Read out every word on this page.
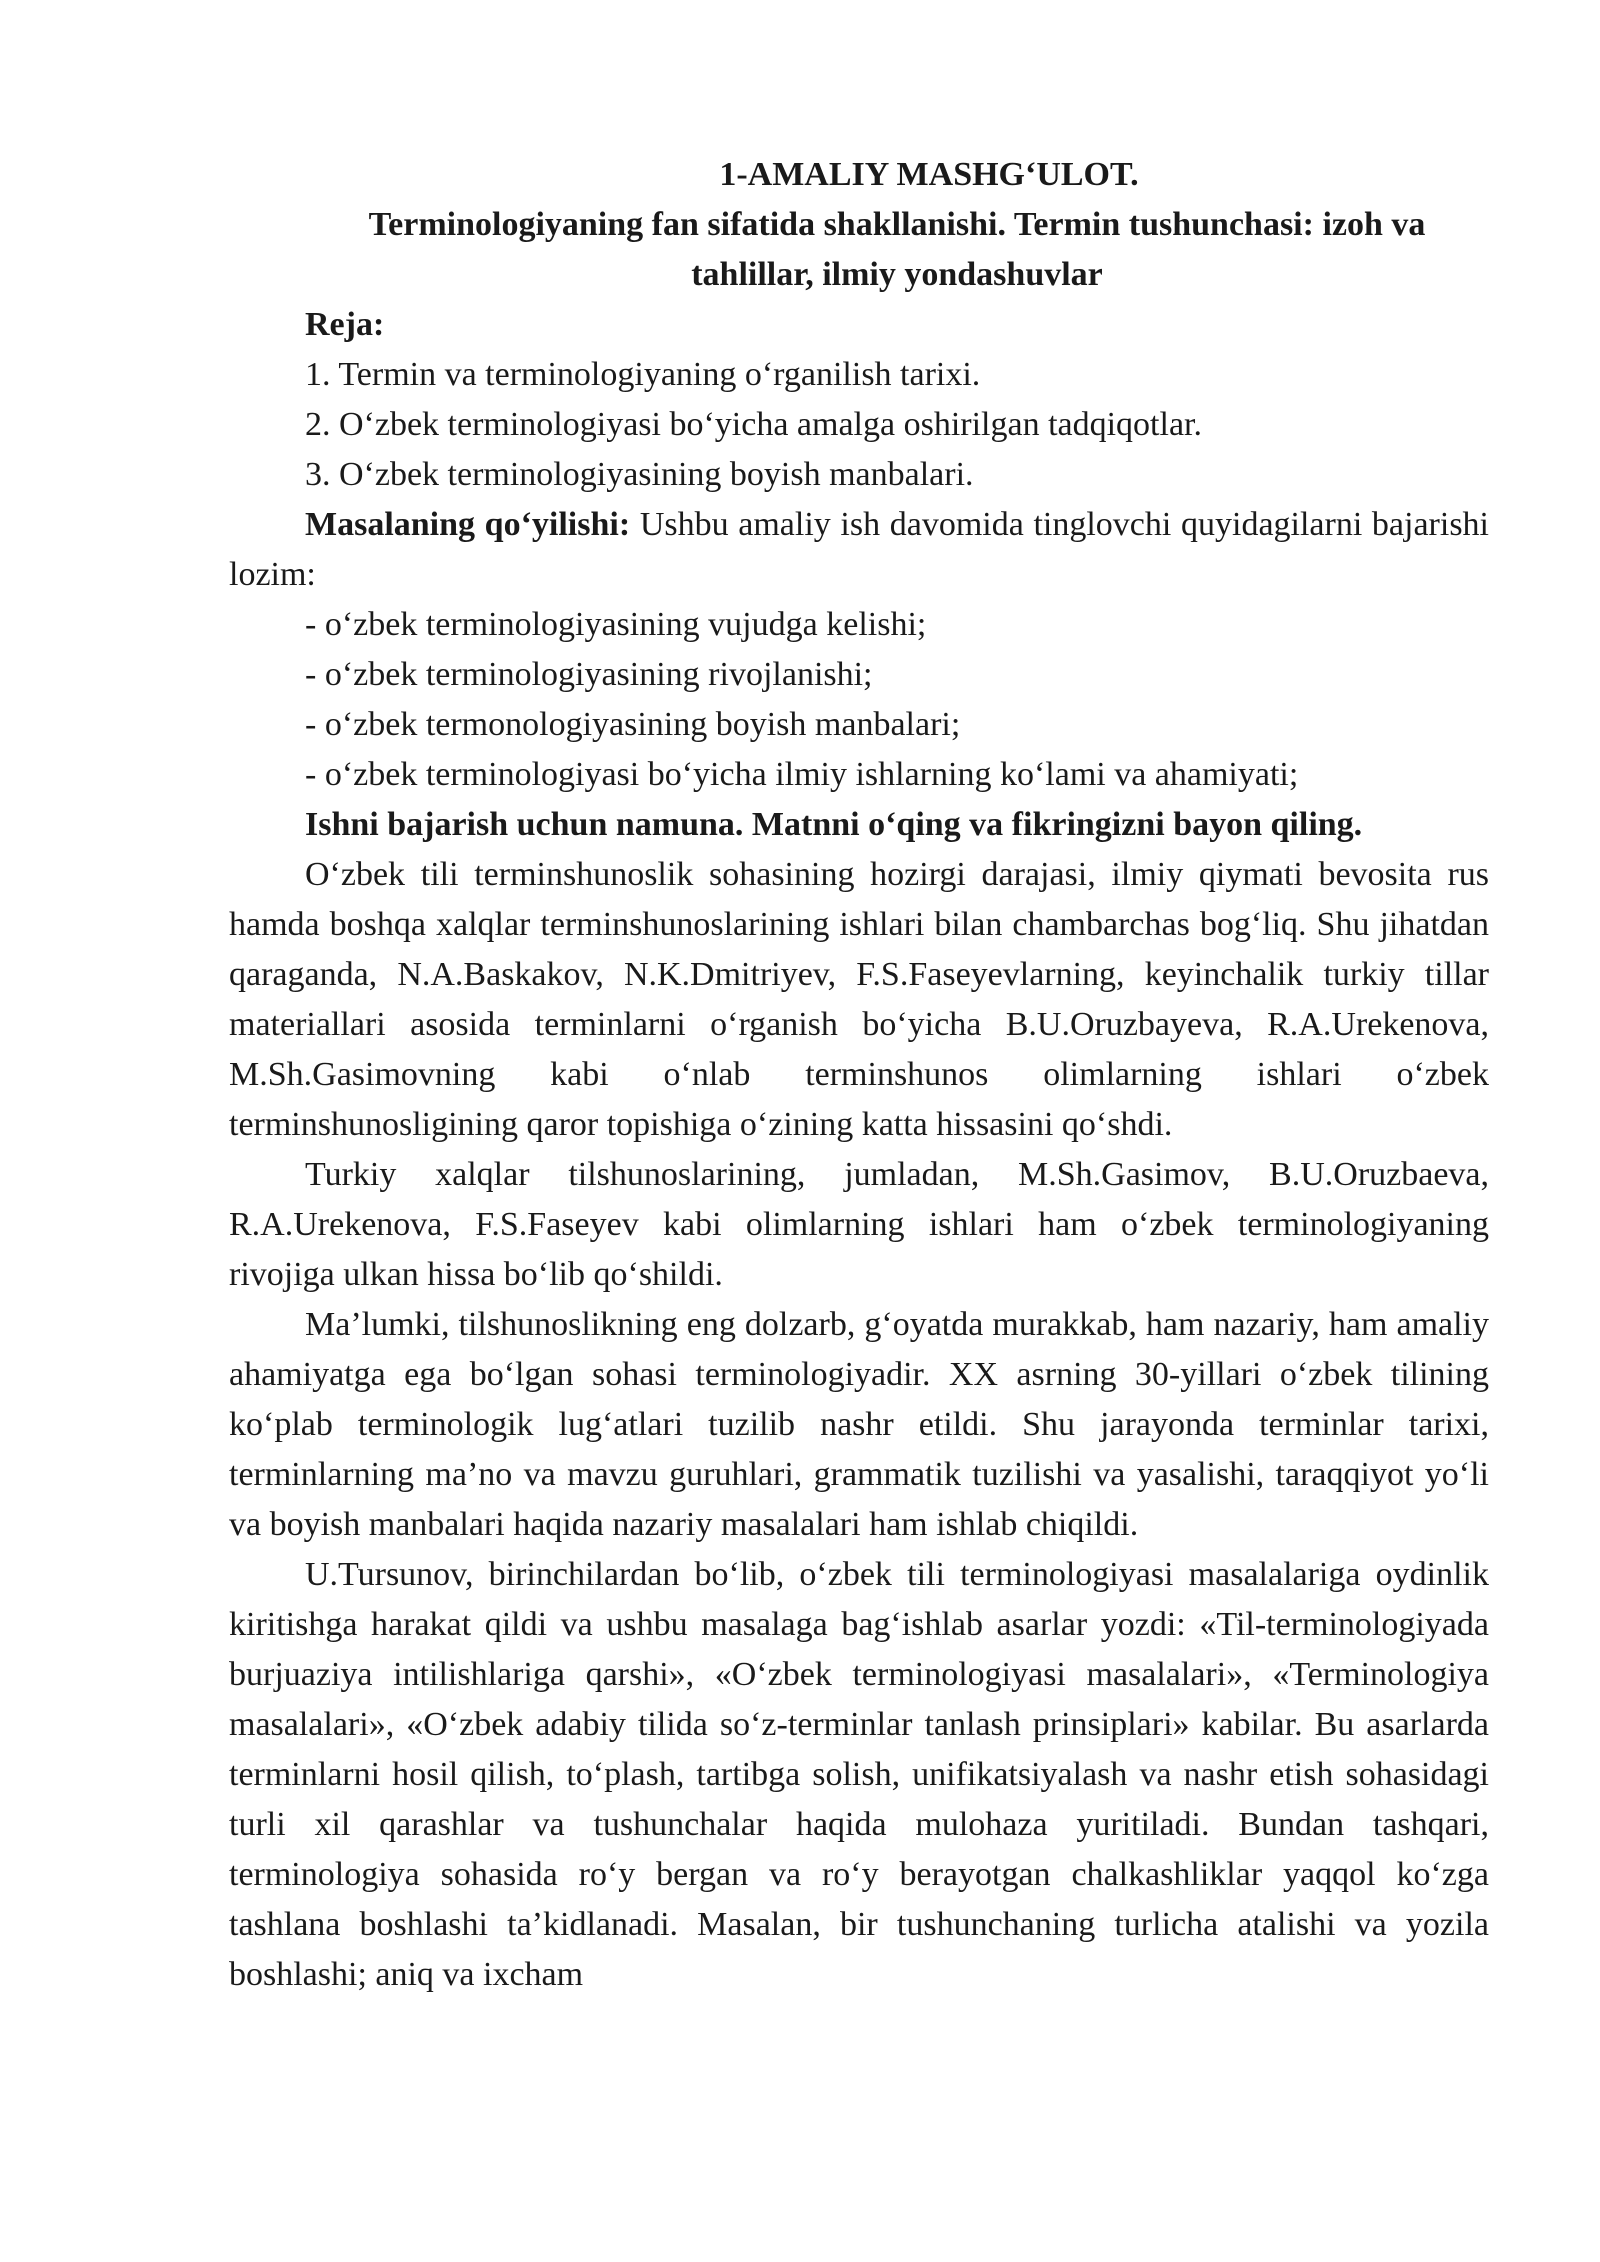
1-AMALIY MASHG‘ULOT.

Terminologiyaning fan sifatida shakllanishi. Termin tushunchasi: izoh va tahlillar, ilmiy yondashuvlar

Reja:

1. Termin va terminologiyaning o‘rganilish tarixi.

2. O‘zbek terminologiyasi bo‘yicha amalga oshirilgan tadqiqotlar.

3. O‘zbek terminologiyasining boyish manbalari.

Masalaning qo‘yilishi: Ushbu amaliy ish davomida tinglovchi quyidagilarni bajarishi lozim:

- o‘zbek terminologiyasining vujudga kelishi;

- o‘zbek terminologiyasining rivojlanishi;

- o‘zbek termonologiyasining boyish manbalari;

- o‘zbek terminologiyasi bo‘yicha ilmiy ishlarning ko‘lami va ahamiyati;

Ishni bajarish uchun namuna. Matnni o‘qing va fikringizni bayon qiling.

O‘zbek tili terminshunoslik sohasining hozirgi darajasi, ilmiy qiymati bevosita rus hamda boshqa xalqlar terminshunoslarining ishlari bilan chambarchas bog‘liq. Shu jihatdan qaraganda, N.A.Baskakov, N.K.Dmitriyev, F.S.Faseyevlarning, keyinchalik turkiy tillar materiallari asosida terminlarni o‘rganish bo‘yicha B.U.Oruzbayeva, R.A.Urekenova, M.Sh.Gasimovning kabi o‘nlab terminshunos olimlarning ishlari o‘zbek terminshunosligining qaror topishiga o‘zining katta hissasini qo‘shdi.

Turkiy xalqlar tilshunoslarining, jumladan, M.Sh.Gasimov, B.U.Oruzbaeva, R.A.Urekenova, F.S.Faseyev kabi olimlarning ishlari ham o‘zbek terminologiyaning rivojiga ulkan hissa bo‘lib qo‘shildi.

Ma’lumki, tilshunoslikning eng dolzarb, g‘oyatda murakkab, ham nazariy, ham amaliy ahamiyatga ega bo‘lgan sohasi terminologiyadir. XX asrning 30-yillari o‘zbek tilining ko‘plab terminologik lug‘atlari tuzilib nashr etildi. Shu jarayonda terminlar tarixi, terminlarning ma’no va mavzu guruhlari, grammatik tuzilishi va yasalishi, taraqqiyot yo‘li va boyish manbalari haqida nazariy masalalari ham ishlab chiqildi.

U.Tursunov, birinchilardan bo‘lib, o‘zbek tili terminologiyasi masalalariga oydinlik kiritishga harakat qildi va ushbu masalaga bag‘ishlab asarlar yozdi: «Til-terminologiyada burjuaziya intilishlariga qarshi», «O‘zbek terminologiyasi masalalari», «Terminologiya masalalari», «O‘zbek adabiy tilida so‘z-terminlar tanlash prinsiplari» kabilar. Bu asarlarda terminlarni hosil qilish, to‘plash, tartibga solish, unifikatsiyalash va nashr etish sohasidagi turli xil qarashlar va tushunchalar haqida mulohaza yuritiladi. Bundan tashqari, terminologiya sohasida ro‘y bergan va ro‘y berayotgan chalkashliklar yaqqol ko‘zga tashlana boshlashi ta’kidlanadi. Masalan, bir tushunchaning turlicha atalishi va yozila boshlashi; aniq va ixcham
